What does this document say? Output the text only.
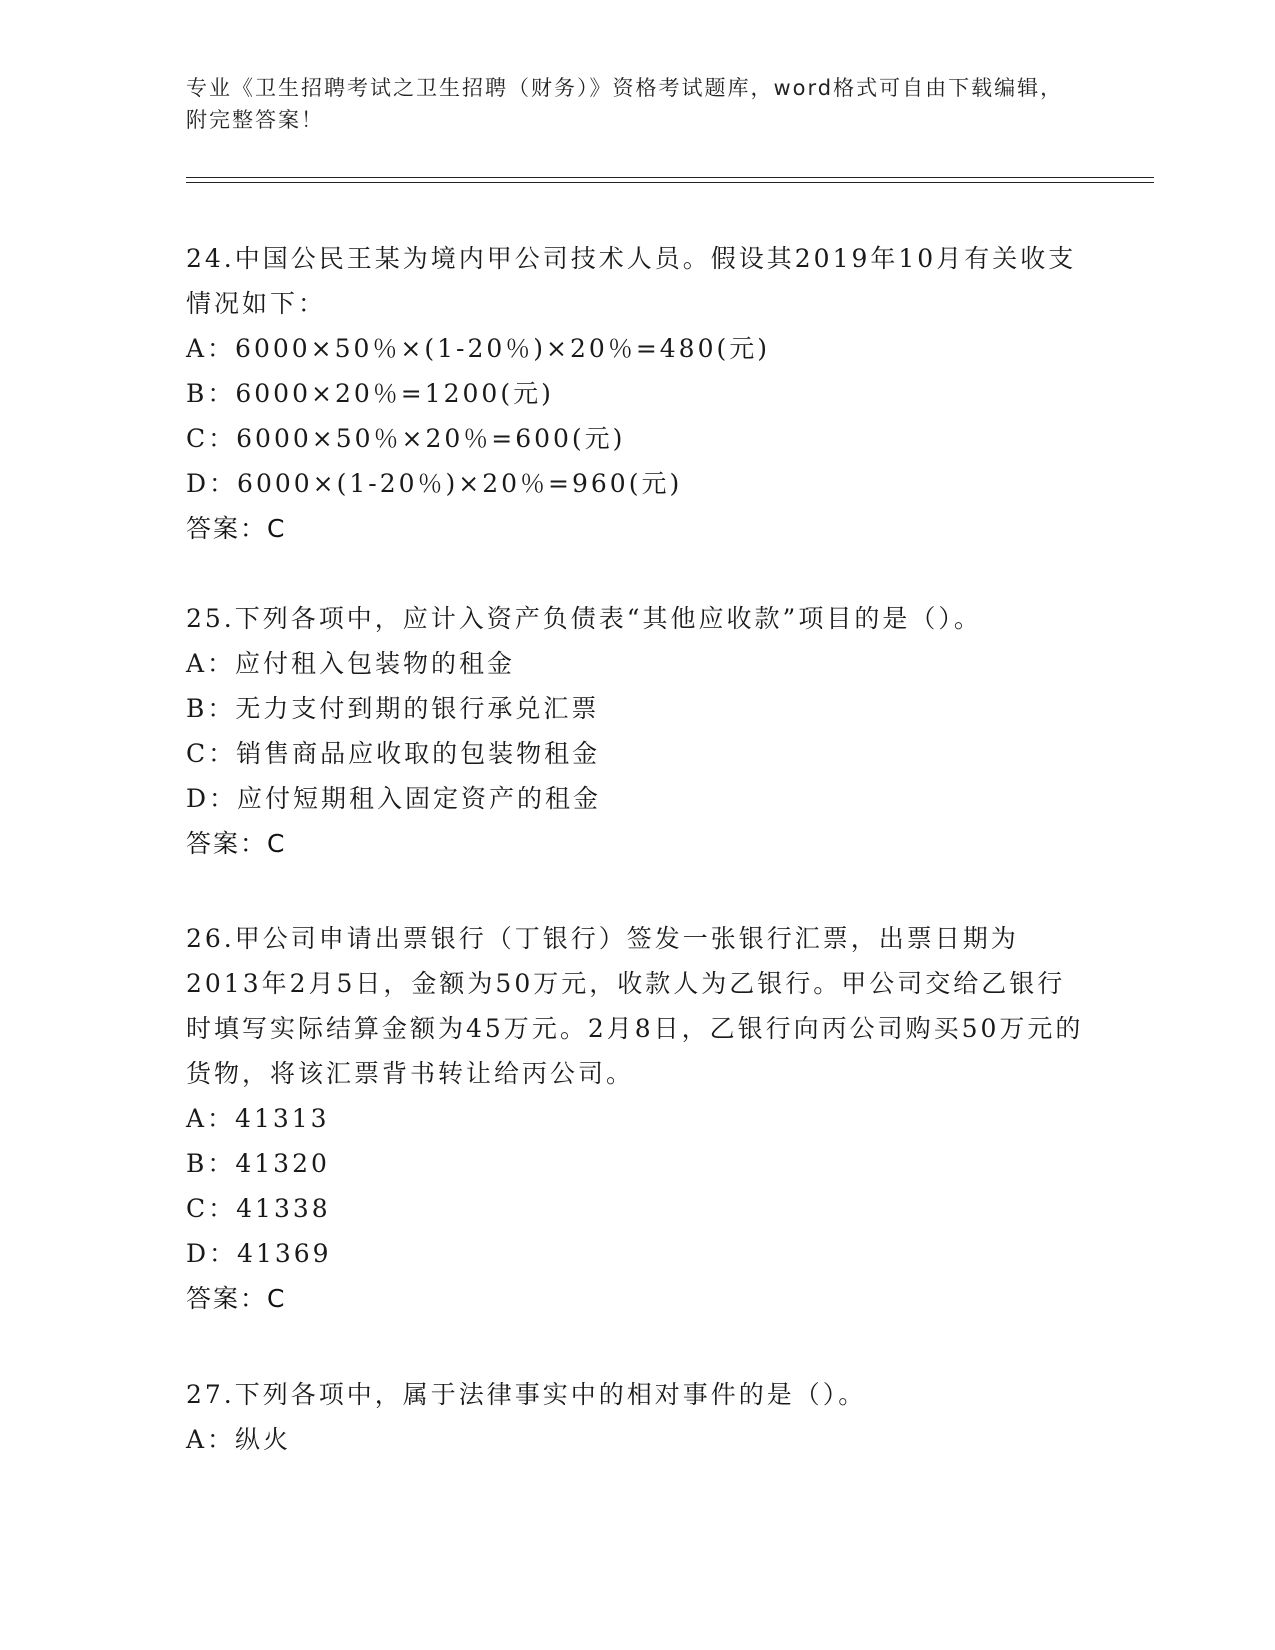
专业《卫生招聘考试之卫生招聘（财务）》资格考试题库，word格式可自由下载编辑，附完整答案！
24.中国公民王某为境内甲公司技术人员。假设其2019年10月有关收支情况如下：
A：6000×50％×(1-20％)×20％=480(元)
B：6000×20％=1200(元)
C：6000×50％×20％=600(元)
D：6000×(1-20％)×20％=960(元)
答案：C
25.下列各项中，应计入资产负债表“其他应收款”项目的是（）。
A：应付租入包装物的租金
B：无力支付到期的银行承兑汇票
C：销售商品应收取的包装物租金
D：应付短期租入固定资产的租金
答案：C
26.甲公司申请出票银行（丁银行）签发一张银行汇票，出票日期为2013年2月5日，金额为50万元，收款人为乙银行。甲公司交给乙银行时填写实际结算金额为45万元。2月8日，乙银行向丙公司购买50万元的货物，将该汇票背书转让给丙公司。
A：41313
B：41320
C：41338
D：41369
答案：C
27.下列各项中，属于法律事实中的相对事件的是（）。
A：纵火
